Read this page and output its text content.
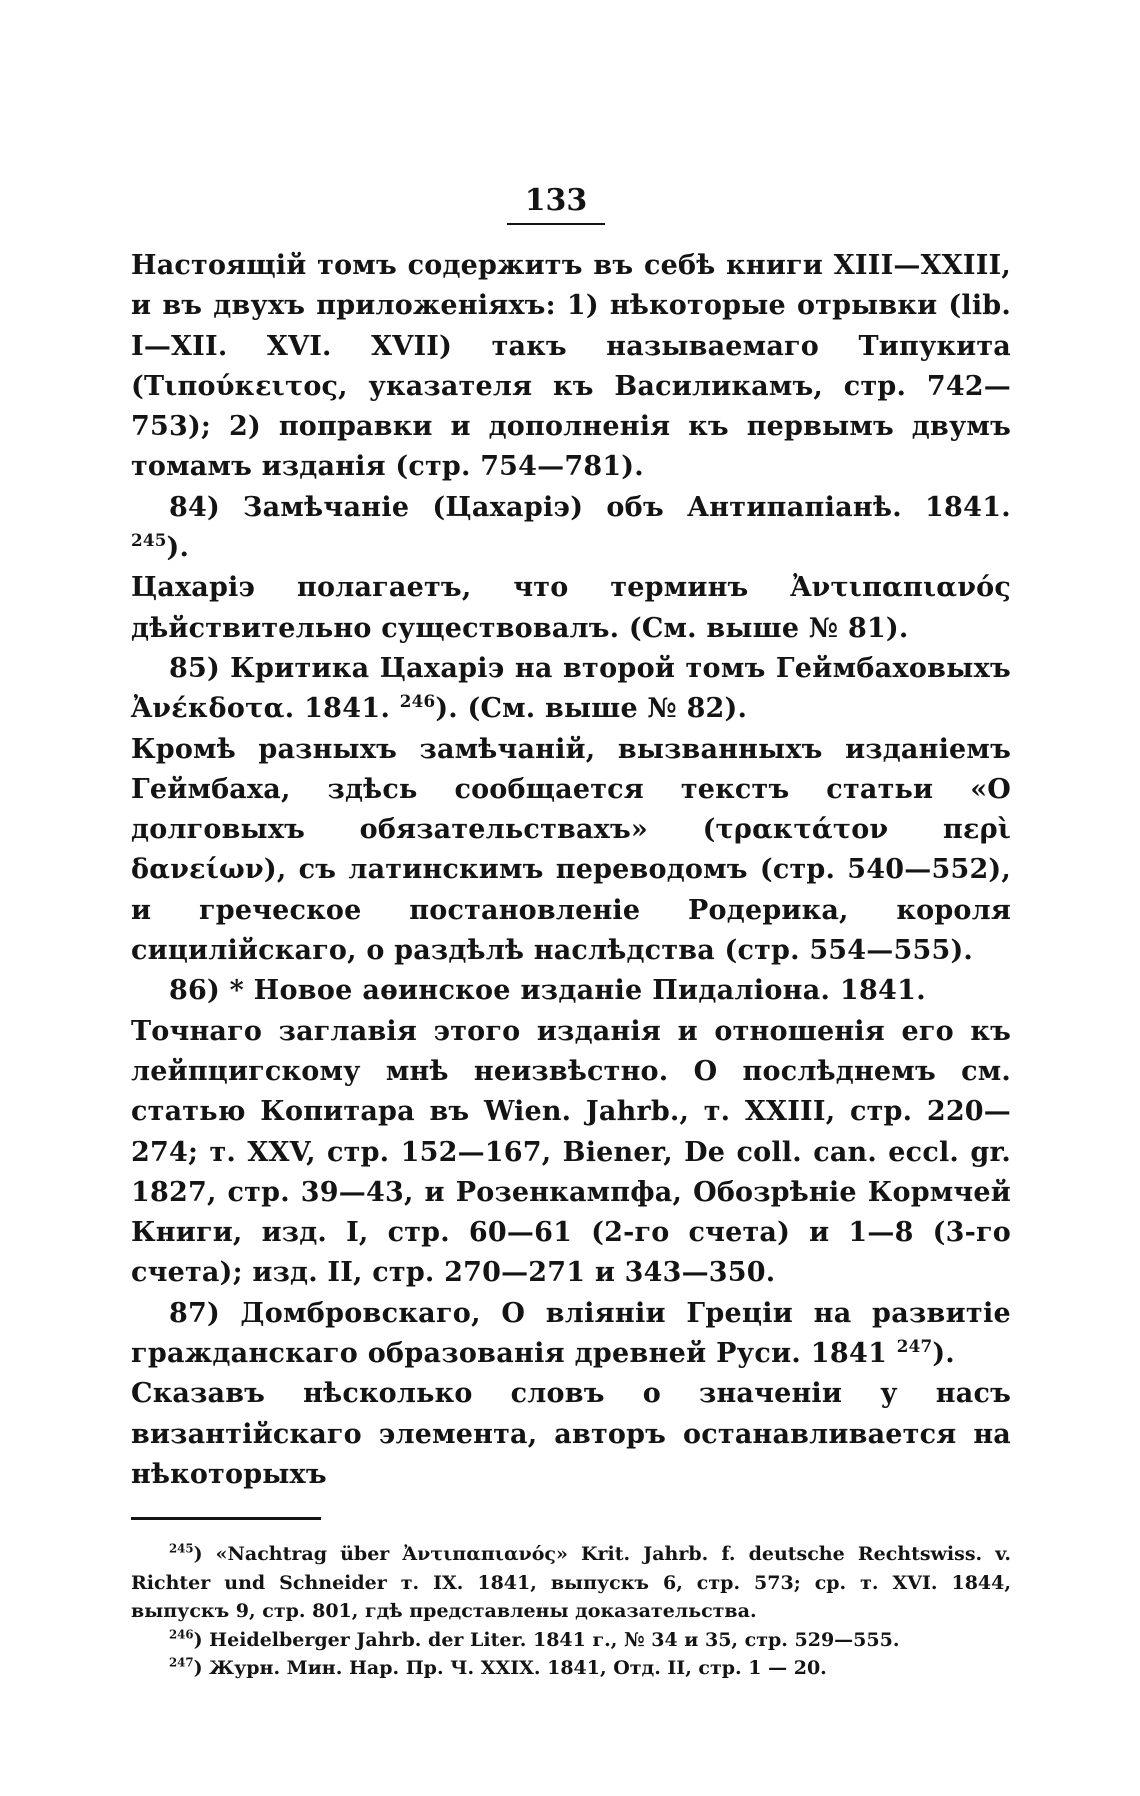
133

Настоящій томъ содержитъ въ себѣ книги XIII—XXIII, и въ двухъ приложеніяхъ: 1) нѣкоторые отрывки (lib. I—XII. XVI. XVII) такъ называемаго Типукита (Τιπούκειτος, указателя къ Василикамъ, стр. 742—753); 2) поправки и дополненія къ первымъ двумъ томамъ изданія (стр. 754—781).

84) Замѣчаніе (Цахаріэ) объ Антипапіанѣ. 1841. $^{245}$).

Цахаріэ полагаетъ, что терминъ Ἀντιπαπιανός дѣйствительно существовалъ. (См. выше № 81).

85) Критика Цахаріэ на второй томъ Геймбаховыхъ Ἀνέκδοτα. 1841. $^{246}$). (См. выше № 82).

Кромѣ разныхъ замѣчаній, вызванныхъ изданіемъ Геймбаха, здѣсь сообщается текстъ статьи «О долговыхъ обязательствахъ» (τρακτάτον περὶ δανείων), съ латинскимъ переводомъ (стр. 540—552), и греческое постановленіе Родерика, короля сицилійскаго, о раздѣлѣ наслѣдства (стр. 554—555).

86) * Новое аѳинское изданіе Пидаліона. 1841.

Точнаго заглавія этого изданія и отношенія его къ лейпцигскому мнѣ неизвѣстно. О послѣднемъ см. статью Копитара въ Wien. Jahrb., т. XXIII, стр. 220—274; т. XXV, стр. 152—167, Biener, De coll. can. eccl. gr. 1827, стр. 39—43, и Розенкампфа, Обозрѣніе Кормчей Книги, изд. I, стр. 60—61 (2-го счета) и 1—8 (3-го счета); изд. II, стр. 270—271 и 343—350.

87) Домбровскаго, О вліяніи Греціи на развитіе гражданскаго образованія древней Руси. 1841 $^{247}$).

Сказавъ нѣсколько словъ о значеніи у насъ византійскаго элемента, авторъ останавливается на нѣкоторыхъ

$^{245}$) «Nachtrag über Ἀντιπαπιανός» Krit. Jahrb. f. deutsche Rechtswiss. v. Richter und Schneider т. IX. 1841, выпускъ 6, стр. 573; ср. т. XVI. 1844, выпускъ 9, стр. 801, гдѣ представлены доказательства.

$^{246}$) Heidelberger Jahrb. der Liter. 1841 г., № 34 и 35, стр. 529—555.

$^{247}$) Журн. Мин. Нар. Пр. Ч. XXIX. 1841, Отд. II, стр. 1 — 20.
